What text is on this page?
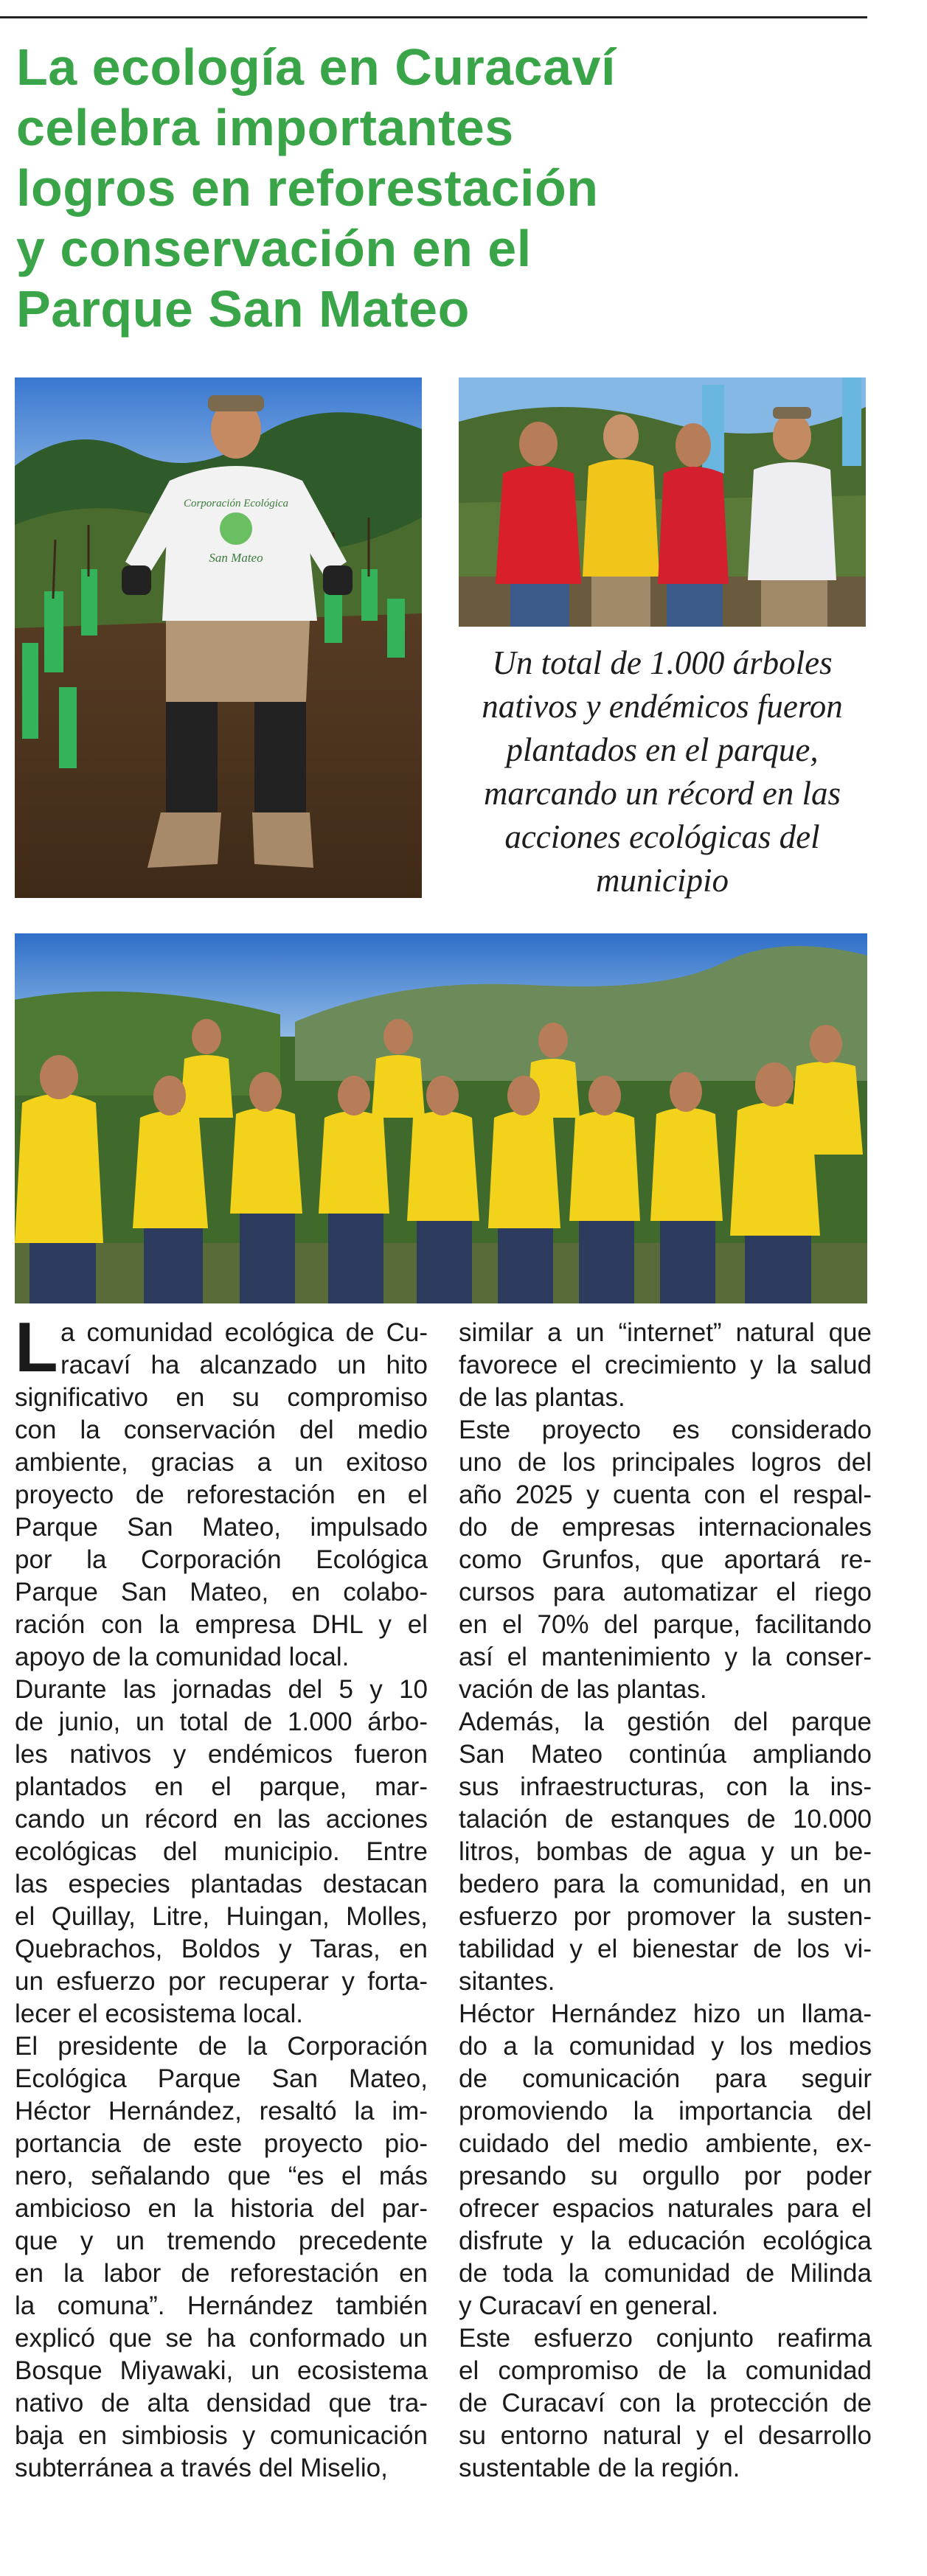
La ecología en Curacaví
celebra importantes
logros en reforestación
y conservación en el
Parque San Mateo
Corporación Ecológica
San Mateo

Un total de 1.000 árboles
nativos y endémicos fueron
plantados en el parque,
marcando un récord en las
acciones ecológicas del
municipio

a comunidad ecológica de Cu-
racaví ha alcanzado un hito
significativo en su compromiso
con la conservación del medio
ambiente, gracias a un exitoso
proyecto de reforestación en el
Parque San Mateo, impulsado
por la Corporación Ecológica
Parque San Mateo, en colabo-
ración con la empresa DHL y el
apoyo de la comunidad local.
Durante las jornadas del 5 y 10
de junio, un total de 1.000 árbo-
les nativos y endémicos fueron
plantados en el parque, mar-
cando un récord en las acciones
ecológicas del municipio. Entre
las especies plantadas destacan
el Quillay, Litre, Huingan, Molles,
Quebrachos, Boldos y Taras, en
un esfuerzo por recuperar y forta-
lecer el ecosistema local.
El presidente de la Corporación
Ecológica Parque San Mateo,
Héctor Hernández, resaltó la im-
portancia de este proyecto pio-
nero, señalando que “es el más
ambicioso en la historia del par-
que y un tremendo precedente
en la labor de reforestación en
la comuna”. Hernández también
explicó que se ha conformado un
Bosque Miyawaki, un ecosistema
nativo de alta densidad que tra-
baja en simbiosis y comunicación
subterránea a través del Miselio,
L	similar a un “internet” natural que
favorece el crecimiento y la salud
de las plantas.
Este proyecto es considerado
uno de los principales logros del
año 2025 y cuenta con el respal-
do de empresas internacionales
como Grunfos, que aportará re-
cursos para automatizar el riego
en el 70% del parque, facilitando
así el mantenimiento y la conser-
vación de las plantas.
Además, la gestión del parque
San Mateo continúa ampliando
sus infraestructuras, con la ins-
talación de estanques de 10.000
litros, bombas de agua y un be-
bedero para la comunidad, en un
esfuerzo por promover la susten-
tabilidad y el bienestar de los vi-
sitantes.
Héctor Hernández hizo un llama-
do a la comunidad y los medios
de comunicación para seguir
promoviendo la importancia del
cuidado del medio ambiente, ex-
presando su orgullo por poder
ofrecer espacios naturales para el
disfrute y la educación ecológica
de toda la comunidad de Milinda
y Curacaví en general.
Este esfuerzo conjunto reafirma
el compromiso de la comunidad
de Curacaví con la protección de
su entorno natural y el desarrollo
sustentable de la región.
